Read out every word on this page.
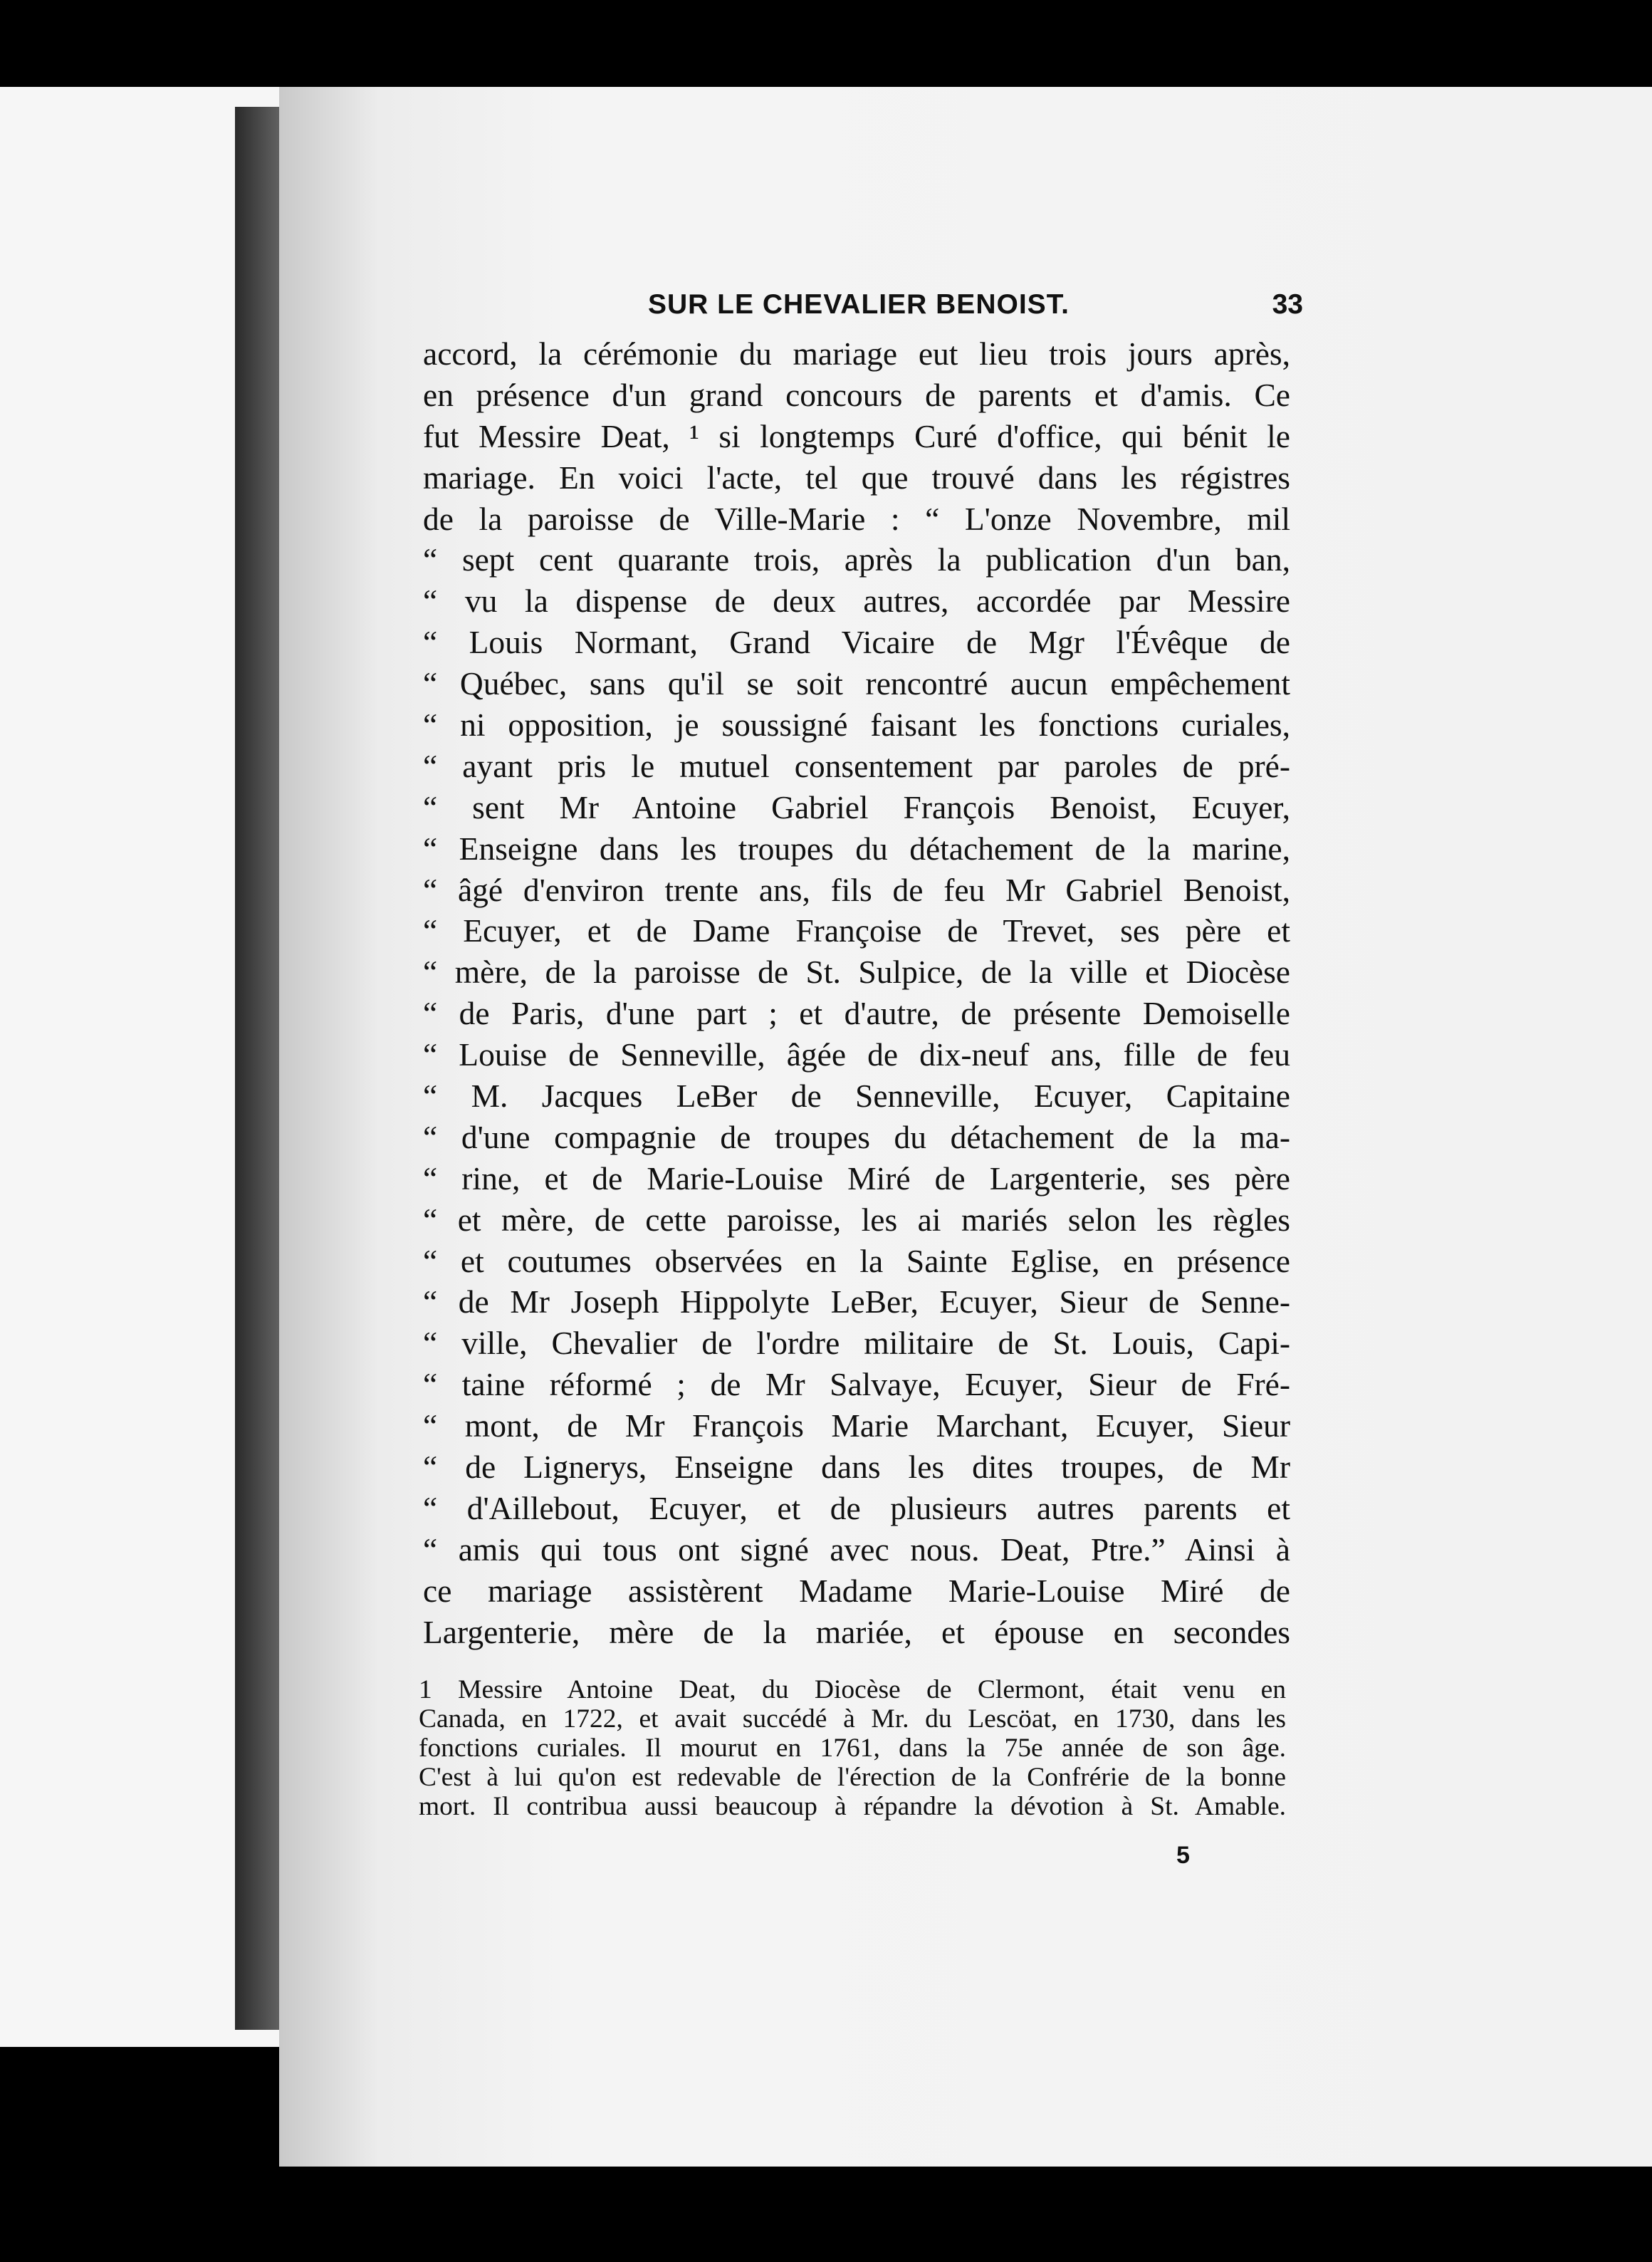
SUR LE CHEVALIER BENOIST.	33
accord, la cérémonie du mariage eut lieu trois jours après,
en présence d'un grand concours de parents et d'amis. Ce
fut Messire Deat, ¹ si longtemps Curé d'office, qui bénit le
mariage. En voici l'acte, tel que trouvé dans les régistres
de la paroisse de Ville-Marie : “ L'onze Novembre, mil
“ sept cent quarante trois, après la publication d'un ban,
“ vu la dispense de deux autres, accordée par Messire
“ Louis Normant, Grand Vicaire de Mgr l'Évêque de
“ Québec, sans qu'il se soit rencontré aucun empêchement
“ ni opposition, je soussigné faisant les fonctions curiales,
“ ayant pris le mutuel consentement par paroles de pré-
“ sent Mr Antoine Gabriel François Benoist, Ecuyer,
“ Enseigne dans les troupes du détachement de la marine,
“ âgé d'environ trente ans, fils de feu Mr Gabriel Benoist,
“ Ecuyer, et de Dame Françoise de Trevet, ses père et
“ mère, de la paroisse de St. Sulpice, de la ville et Diocèse
“ de Paris, d'une part ; et d'autre, de présente Demoiselle
“ Louise de Senneville, âgée de dix-neuf ans, fille de feu
“ M. Jacques LeBer de Senneville, Ecuyer, Capitaine
“ d'une compagnie de troupes du détachement de la ma-
“ rine, et de Marie-Louise Miré de Largenterie, ses père
“ et mère, de cette paroisse, les ai mariés selon les règles
“ et coutumes observées en la Sainte Eglise, en présence
“ de Mr Joseph Hippolyte LeBer, Ecuyer, Sieur de Senne-
“ ville, Chevalier de l'ordre militaire de St. Louis, Capi-
“ taine réformé ; de Mr Salvaye, Ecuyer, Sieur de Fré-
“ mont, de Mr François Marie Marchant, Ecuyer, Sieur
“ de Lignerys, Enseigne dans les dites troupes, de Mr
“ d'Aillebout, Ecuyer, et de plusieurs autres parents et
“ amis qui tous ont signé avec nous. Deat, Ptre.” Ainsi à
ce mariage assistèrent Madame Marie-Louise Miré de
Largenterie, mère de la mariée, et épouse en secondes
1 Messire Antoine Deat, du Diocèse de Clermont, était venu en
Canada, en 1722, et avait succédé à Mr. du Lescöat, en 1730, dans les
fonctions curiales. Il mourut en 1761, dans la 75e année de son âge.
C'est à lui qu'on est redevable de l'érection de la Confrérie de la bonne
mort. Il contribua aussi beaucoup à répandre la dévotion à St. Amable.
5
